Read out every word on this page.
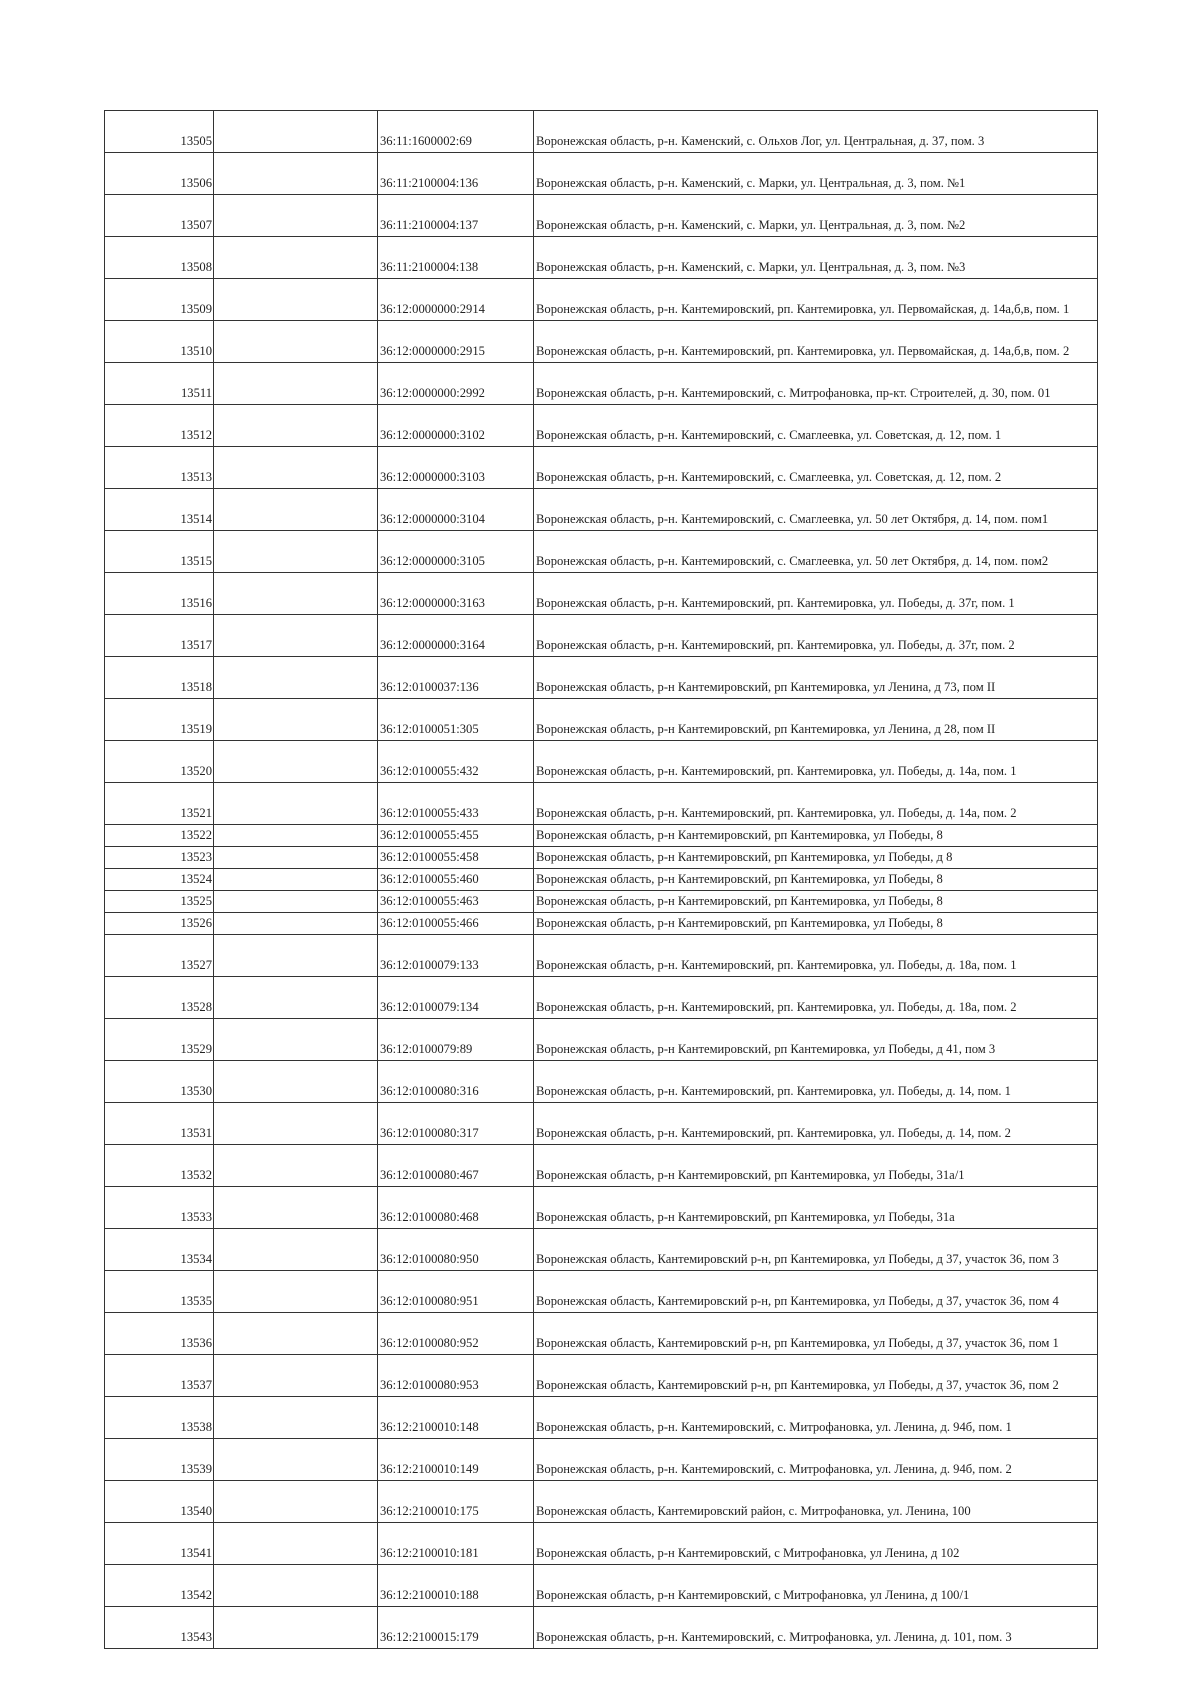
13505		36:11:1600002:69	Воронежская область, р-н. Каменский, с. Ольхов Лог, ул. Центральная, д. 37, пом. 3
13506		36:11:2100004:136	Воронежская область, р-н. Каменский, с. Марки, ул. Центральная, д. 3, пом. №1
13507		36:11:2100004:137	Воронежская область, р-н. Каменский, с. Марки, ул. Центральная, д. 3, пом. №2
13508		36:11:2100004:138	Воронежская область, р-н. Каменский, с. Марки, ул. Центральная, д. 3, пом. №3
13509		36:12:0000000:2914	Воронежская область, р-н. Кантемировский, рп. Кантемировка, ул. Первомайская, д. 14а,б,в, пом. 1
13510		36:12:0000000:2915	Воронежская область, р-н. Кантемировский, рп. Кантемировка, ул. Первомайская, д. 14а,б,в, пом. 2
13511		36:12:0000000:2992	Воронежская область, р-н. Кантемировский, с. Митрофановка, пр-кт. Строителей, д. 30, пом. 01
13512		36:12:0000000:3102	Воронежская область, р-н. Кантемировский, с. Смаглеевка, ул. Советская, д. 12, пом. 1
13513		36:12:0000000:3103	Воронежская область, р-н. Кантемировский, с. Смаглеевка, ул. Советская, д. 12, пом. 2
13514		36:12:0000000:3104	Воронежская область, р-н. Кантемировский, с. Смаглеевка, ул. 50 лет Октября, д. 14, пом. пом1
13515		36:12:0000000:3105	Воронежская область, р-н. Кантемировский, с. Смаглеевка, ул. 50 лет Октября, д. 14, пом. пом2
13516		36:12:0000000:3163	Воронежская область, р-н. Кантемировский, рп. Кантемировка, ул. Победы, д. 37г, пом. 1
13517		36:12:0000000:3164	Воронежская область, р-н. Кантемировский, рп. Кантемировка, ул. Победы, д. 37г, пом. 2
13518		36:12:0100037:136	Воронежская область, р-н Кантемировский, рп Кантемировка, ул Ленина, д 73, пом II
13519		36:12:0100051:305	Воронежская область, р-н Кантемировский, рп Кантемировка, ул Ленина, д 28, пом II
13520		36:12:0100055:432	Воронежская область, р-н. Кантемировский, рп. Кантемировка, ул. Победы, д. 14а, пом. 1
13521		36:12:0100055:433	Воронежская область, р-н. Кантемировский, рп. Кантемировка, ул. Победы, д. 14а, пом. 2
13522		36:12:0100055:455	Воронежская область, р-н Кантемировский, рп Кантемировка, ул Победы, 8
13523		36:12:0100055:458	Воронежская область, р-н Кантемировский, рп Кантемировка, ул Победы, д 8
13524		36:12:0100055:460	Воронежская область, р-н Кантемировский, рп Кантемировка, ул Победы, 8
13525		36:12:0100055:463	Воронежская область, р-н Кантемировский, рп Кантемировка, ул Победы, 8
13526		36:12:0100055:466	Воронежская область, р-н Кантемировский, рп Кантемировка, ул Победы, 8
13527		36:12:0100079:133	Воронежская область, р-н. Кантемировский, рп. Кантемировка, ул. Победы, д. 18а, пом. 1
13528		36:12:0100079:134	Воронежская область, р-н. Кантемировский, рп. Кантемировка, ул. Победы, д. 18а, пом. 2
13529		36:12:0100079:89	Воронежская область, р-н Кантемировский, рп Кантемировка, ул Победы, д 41, пом 3
13530		36:12:0100080:316	Воронежская область, р-н. Кантемировский, рп. Кантемировка, ул. Победы, д. 14, пом. 1
13531		36:12:0100080:317	Воронежская область, р-н. Кантемировский, рп. Кантемировка, ул. Победы, д. 14, пом. 2
13532		36:12:0100080:467	Воронежская область, р-н Кантемировский, рп Кантемировка, ул Победы, 31а/1
13533		36:12:0100080:468	Воронежская область, р-н Кантемировский, рп Кантемировка, ул Победы, 31а
13534		36:12:0100080:950	Воронежская область, Кантемировский р-н, рп Кантемировка, ул Победы, д 37, участок 36, пом 3
13535		36:12:0100080:951	Воронежская область, Кантемировский р-н, рп Кантемировка, ул Победы, д 37, участок 36, пом 4
13536		36:12:0100080:952	Воронежская область, Кантемировский р-н, рп Кантемировка, ул Победы, д 37, участок 36, пом 1
13537		36:12:0100080:953	Воронежская область, Кантемировский р-н, рп Кантемировка, ул Победы, д 37, участок 36, пом 2
13538		36:12:2100010:148	Воронежская область, р-н. Кантемировский, с. Митрофановка, ул. Ленина, д. 94б, пом. 1
13539		36:12:2100010:149	Воронежская область, р-н. Кантемировский, с. Митрофановка, ул. Ленина, д. 94б, пом. 2
13540		36:12:2100010:175	Воронежская область, Кантемировский район, с. Митрофановка, ул. Ленина, 100
13541		36:12:2100010:181	Воронежская область, р-н Кантемировский, с Митрофановка, ул Ленина, д 102
13542		36:12:2100010:188	Воронежская область, р-н Кантемировский, с Митрофановка, ул Ленина, д 100/1
13543		36:12:2100015:179	Воронежская область, р-н. Кантемировский, с. Митрофановка, ул. Ленина, д. 101, пом. 3
